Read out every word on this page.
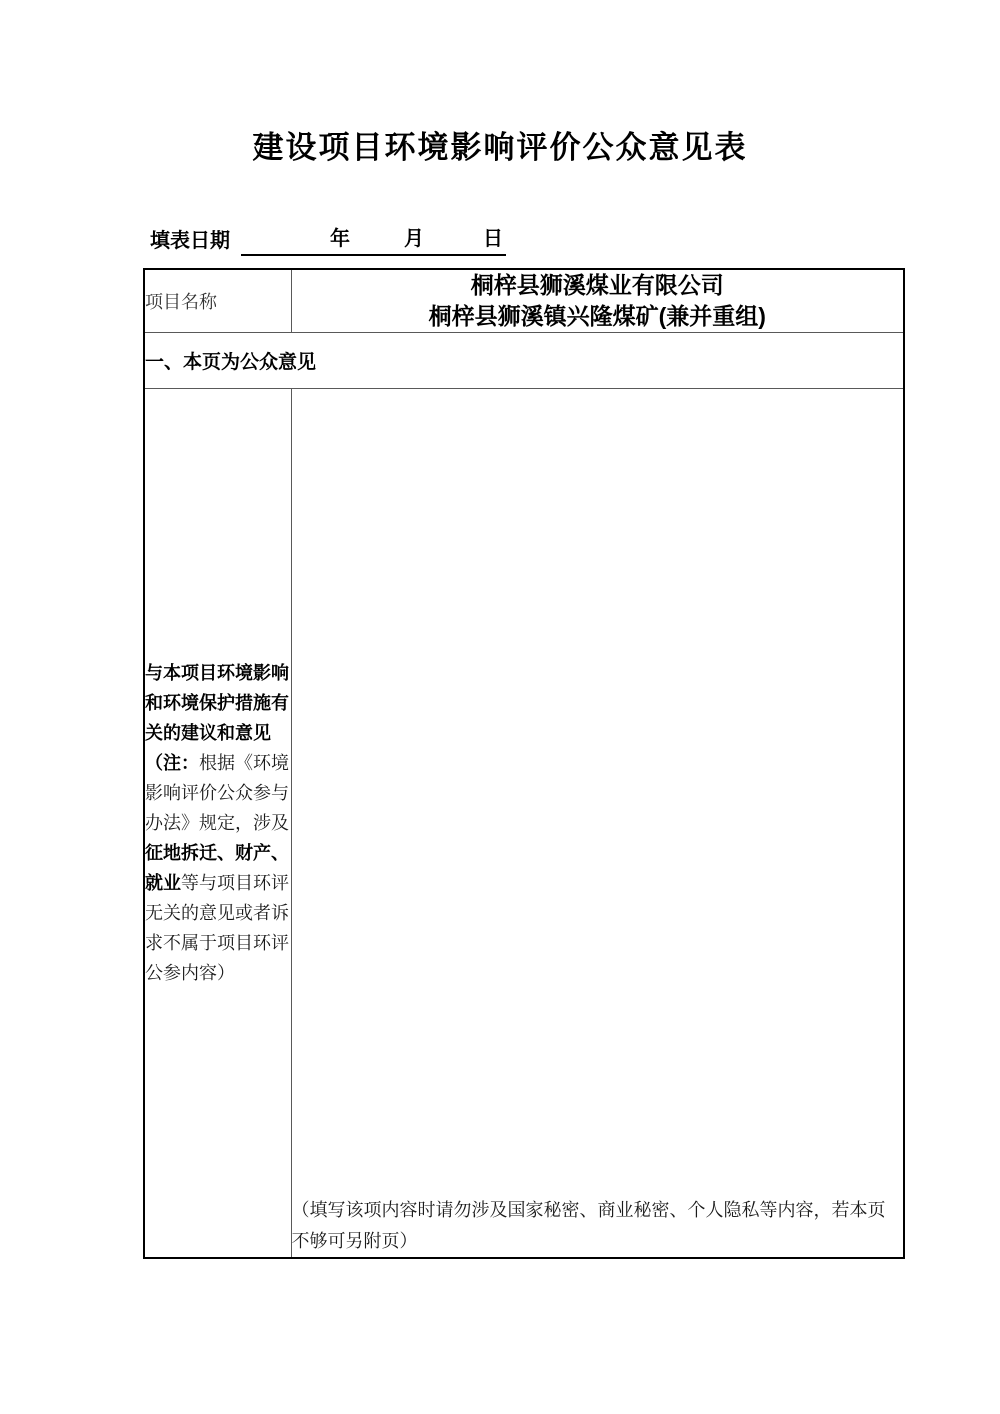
建设项目环境影响评价公众意见表
填表日期	年	月	日
项目名称	桐梓县狮溪煤业有限公司
桐梓县狮溪镇兴隆煤矿(兼并重组)

一、本页为公众意见	
与本项目环境影响和环境保护措施有关的建议和意见（注：根据《环境影响评价公众参与办法》规定，涉及征地拆迁、财产、就业等与项目环评无关的意见或者诉求不属于项目环评公参内容）	（填写该项内容时请勿涉及国家秘密、商业秘密、个人隐私等内容，若本页不够可另附页）
